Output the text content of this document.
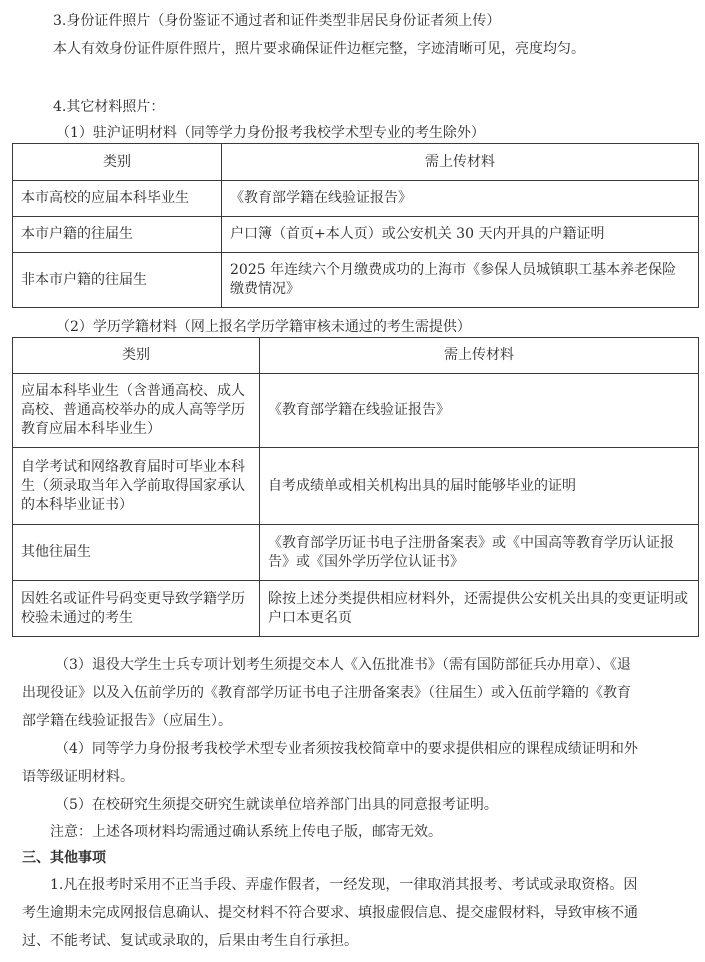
3.身份证件照片（身份鉴证不通过者和证件类型非居民身份证者须上传）
本人有效身份证件原件照片，照片要求确保证件边框完整，字迹清晰可见，亮度均匀。
4.其它材料照片：
（1）驻沪证明材料（同等学力身份报考我校学术型专业的考生除外）
类别	需上传材料
本市高校的应届本科毕业生	《教育部学籍在线验证报告》
本市户籍的往届生	户口簿（首页+本人页）或公安机关 30 天内开具的户籍证明
非本市户籍的往届生	2025 年连续六个月缴费成功的上海市《参保人员城镇职工基本养老保险缴费情况》
（2）学历学籍材料（网上报名学历学籍审核未通过的考生需提供）
类别	需上传材料
应届本科毕业生（含普通高校、成人高校、普通高校举办的成人高等学历教育应届本科毕业生）	《教育部学籍在线验证报告》
自学考试和网络教育届时可毕业本科生（须录取当年入学前取得国家承认的本科毕业证书）	自考成绩单或相关机构出具的届时能够毕业的证明
其他往届生	《教育部学历证书电子注册备案表》或《中国高等教育学历认证报告》或《国外学历学位认证书》
因姓名或证件号码变更导致学籍学历校验未通过的考生	除按上述分类提供相应材料外，还需提供公安机关出具的变更证明或户口本更名页
（3）退役大学生士兵专项计划考生须提交本人《入伍批准书》（需有国防部征兵办用章）、《退
出现役证》以及入伍前学历的《教育部学历证书电子注册备案表》（往届生）或入伍前学籍的《教育
部学籍在线验证报告》（应届生）。
（4）同等学力身份报考我校学术型专业者须按我校简章中的要求提供相应的课程成绩证明和外
语等级证明材料。
（5）在校研究生须提交研究生就读单位培养部门出具的同意报考证明。
注意：上述各项材料均需通过确认系统上传电子版，邮寄无效。
三、其他事项
1.凡在报考时采用不正当手段、弄虚作假者，一经发现，一律取消其报考、考试或录取资格。因
考生逾期未完成网报信息确认、提交材料不符合要求、填报虚假信息、提交虚假材料，导致审核不通
过、不能考试、复试或录取的，后果由考生自行承担。
